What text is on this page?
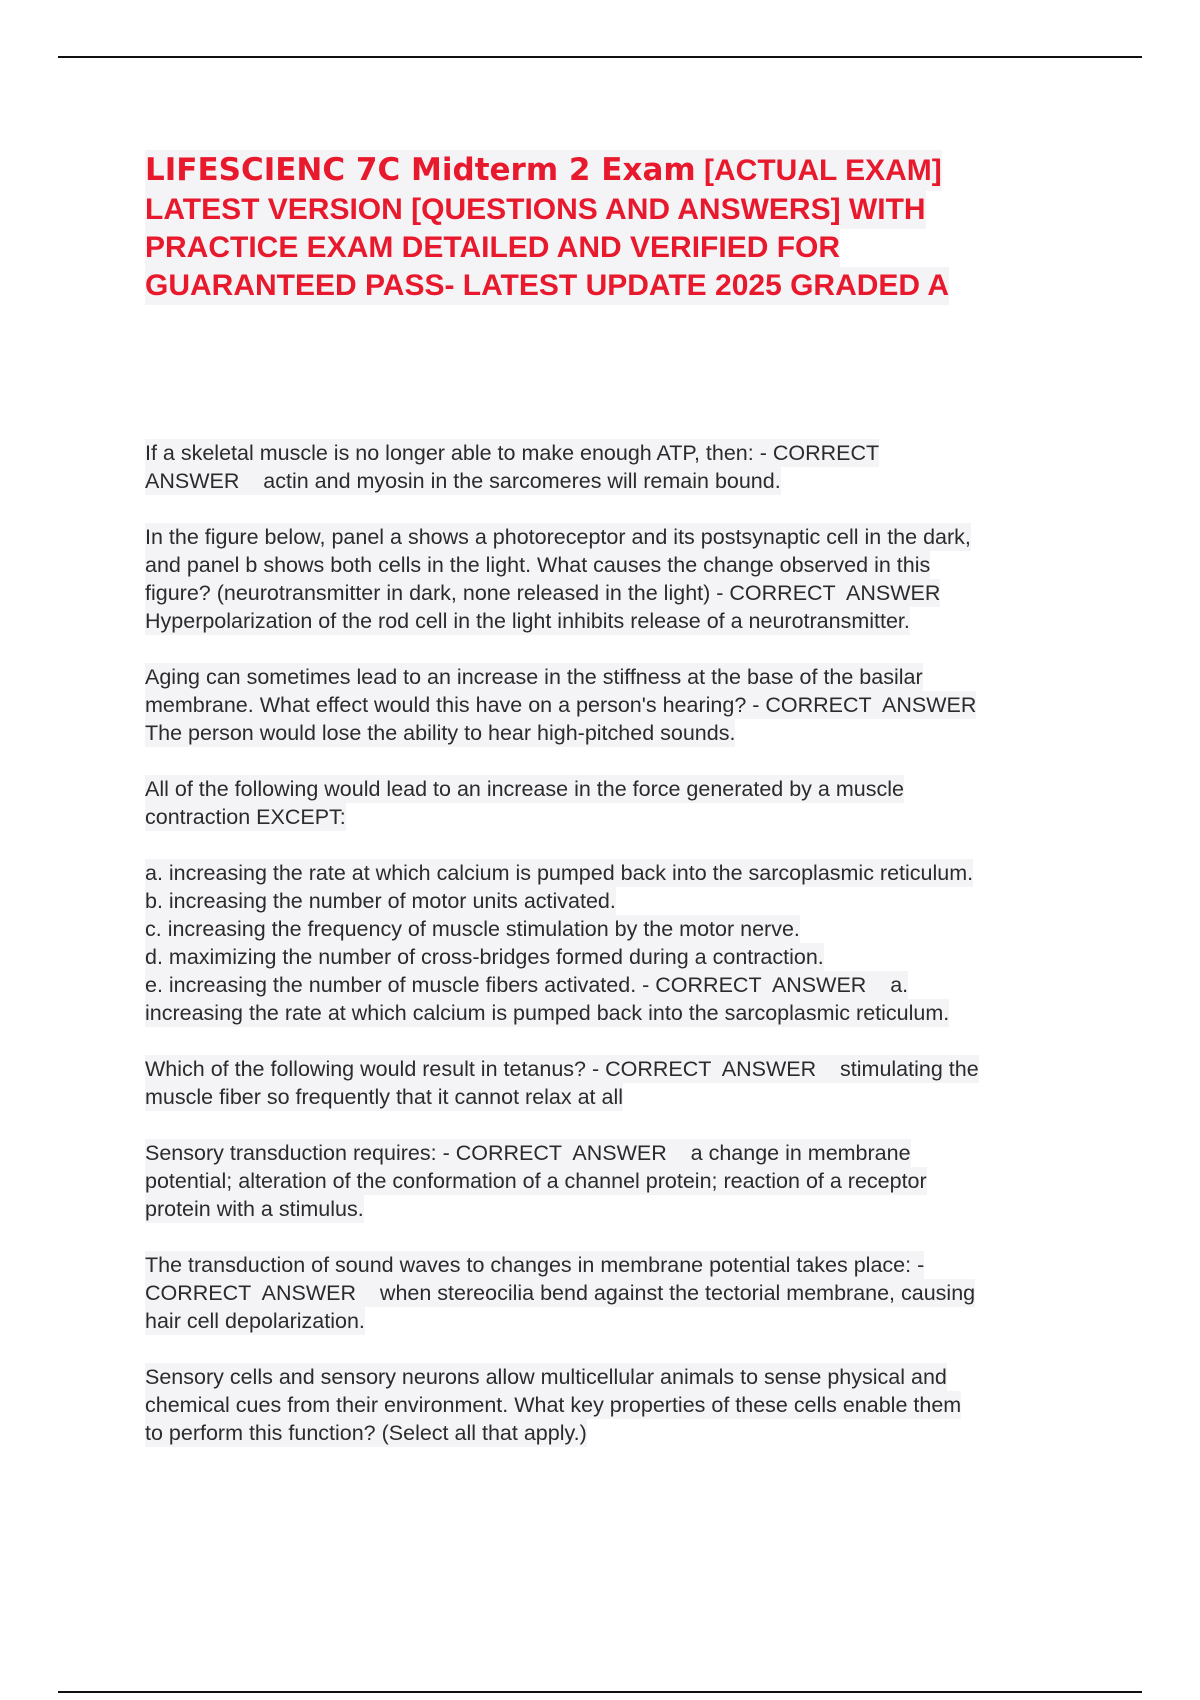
LIFESCIENC 7C Midterm 2 Exam [ACTUAL EXAM]
LATEST VERSION [QUESTIONS AND ANSWERS] WITH
PRACTICE EXAM DETAILED AND VERIFIED FOR
GUARANTEED PASS- LATEST UPDATE 2025 GRADED A
If a skeletal muscle is no longer able to make enough ATP, then: - CORRECT
ANSWER    actin and myosin in the sarcomeres will remain bound.
In the figure below, panel a shows a photoreceptor and its postsynaptic cell in the dark,
and panel b shows both cells in the light. What causes the change observed in this
figure? (neurotransmitter in dark, none released in the light) - CORRECT  ANSWER
Hyperpolarization of the rod cell in the light inhibits release of a neurotransmitter.
Aging can sometimes lead to an increase in the stiffness at the base of the basilar
membrane. What effect would this have on a person's hearing? - CORRECT  ANSWER
The person would lose the ability to hear high-pitched sounds.
All of the following would lead to an increase in the force generated by a muscle
contraction EXCEPT:
a. increasing the rate at which calcium is pumped back into the sarcoplasmic reticulum.
b. increasing the number of motor units activated.
c. increasing the frequency of muscle stimulation by the motor nerve.
d. maximizing the number of cross-bridges formed during a contraction.
e. increasing the number of muscle fibers activated. - CORRECT  ANSWER    a.
increasing the rate at which calcium is pumped back into the sarcoplasmic reticulum.
Which of the following would result in tetanus? - CORRECT  ANSWER    stimulating the
muscle fiber so frequently that it cannot relax at all
Sensory transduction requires: - CORRECT  ANSWER    a change in membrane
potential; alteration of the conformation of a channel protein; reaction of a receptor
protein with a stimulus.
The transduction of sound waves to changes in membrane potential takes place: -
CORRECT  ANSWER    when stereocilia bend against the tectorial membrane, causing
hair cell depolarization.
Sensory cells and sensory neurons allow multicellular animals to sense physical and
chemical cues from their environment. What key properties of these cells enable them
to perform this function? (Select all that apply.)
